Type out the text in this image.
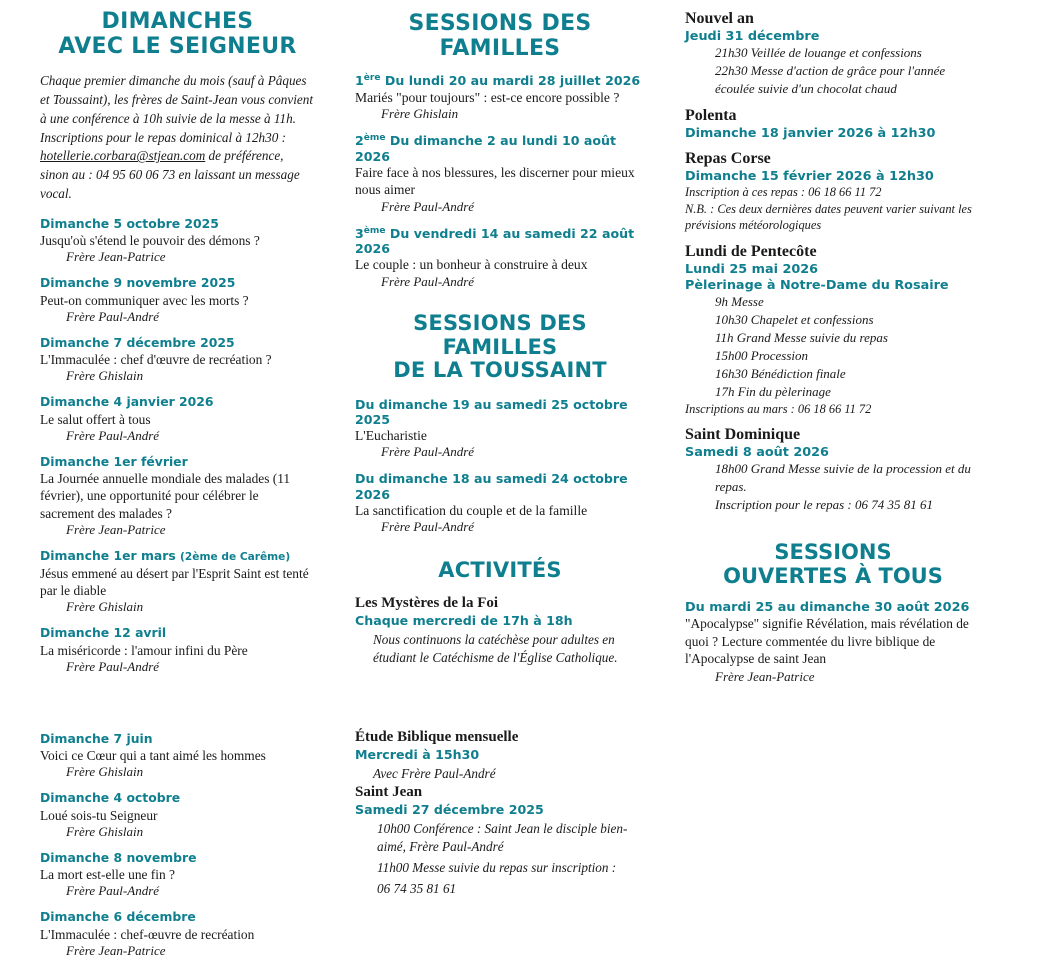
DIMANCHES
AVEC LE SEIGNEUR

Chaque premier dimanche du mois (sauf à Pâques et Toussaint), les frères de Saint-Jean vous convient à une conférence à 10h suivie de la messe à 11h. Inscriptions pour le repas dominical à 12h30 :
hotellerie.corbara@stjean.com de préférence, sinon au : 04 95 60 06 73 en laissant un message vocal.

Dimanche 5 octobre 2025
Jusqu'où s'étend le pouvoir des démons ?
Frère Jean-Patrice
Dimanche 9 novembre 2025
Peut-on communiquer avec les morts ?
Frère Paul-André
Dimanche 7 décembre 2025
L'Immaculée : chef d'œuvre de recréation ?
Frère Ghislain
Dimanche 4 janvier 2026
Le salut offert à tous
Frère Paul-André
Dimanche 1er février
La Journée annuelle mondiale des malades (11 février), une opportunité pour célébrer le sacrement des malades ?
Frère Jean-Patrice
Dimanche 1er mars (2ème de Carême)
Jésus emmené au désert par l'Esprit Saint est tenté par le diable
Frère Ghislain
Dimanche 12 avril
La miséricorde : l'amour infini du Père
Frère Paul-André
Dimanche 7 juin
Voici ce Cœur qui a tant aimé les hommes
Frère Ghislain
Dimanche 4 octobre
Loué sois-tu Seigneur
Frère Ghislain
Dimanche 8 novembre
La mort est-elle une fin ?
Frère Paul-André
Dimanche 6 décembre
L'Immaculée : chef-œuvre de recréation
Frère Jean-Patrice
SESSIONS DES FAMILLES
1ère Du lundi 20 au mardi 28 juillet 2026
Mariés "pour toujours" : est-ce encore possible ?
Frère Ghislain
2ème Du dimanche 2 au lundi 10 août 2026
Faire face à nos blessures, les discerner pour mieux nous aimer
Frère Paul-André
3ème Du vendredi 14 au samedi 22 août 2026
Le couple : un bonheur à construire à deux
Frère Paul-André
SESSIONS DES FAMILLES
DE LA TOUSSAINT
Du dimanche 19 au samedi 25 octobre 2025
L'Eucharistie
Frère Paul-André
Du dimanche 18 au samedi 24 octobre 2026
La sanctification du couple et de la famille
Frère Paul-André
ACTIVITÉS
Les Mystères de la Foi
Chaque mercredi de 17h à 18h
Nous continuons la catéchèse pour adultes en étudiant le Catéchisme de l'Église Catholique.
Étude Biblique mensuelle
Mercredi à 15h30
Avec Frère Paul-André
Saint Jean
Samedi 27 décembre 2025
10h00 Conférence : Saint Jean le disciple bien-aimé, Frère Paul-André
11h00 Messe suivie du repas sur inscription :
06 74 35 81 61
Nouvel an
Jeudi 31 décembre
21h30 Veillée de louange et confessions
22h30 Messe d'action de grâce pour l'année écoulée suivie d'un chocolat chaud
Polenta
Dimanche 18 janvier 2026 à 12h30
Repas Corse
Dimanche 15 février 2026 à 12h30
Inscription à ces repas : 06 18 66 11 72
N.B. : Ces deux dernières dates peuvent varier suivant les prévisions météorologiques
Lundi de Pentecôte
Lundi 25 mai 2026
Pèlerinage à Notre-Dame du Rosaire
9h Messe
10h30 Chapelet et confessions
11h Grand Messe suivie du repas
15h00 Procession
16h30 Bénédiction finale
17h Fin du pèlerinage
Inscriptions au mars : 06 18 66 11 72
Saint Dominique
Samedi 8 août 2026
18h00 Grand Messe suivie de la procession et du repas.
Inscription pour le repas : 06 74 35 81 61
SESSIONS
OUVERTES À TOUS
Du mardi 25 au dimanche 30 août 2026
"Apocalypse" signifie Révélation, mais révélation de quoi ? Lecture commentée du livre biblique de l'Apocalypse de saint Jean
Frère Jean-Patrice
